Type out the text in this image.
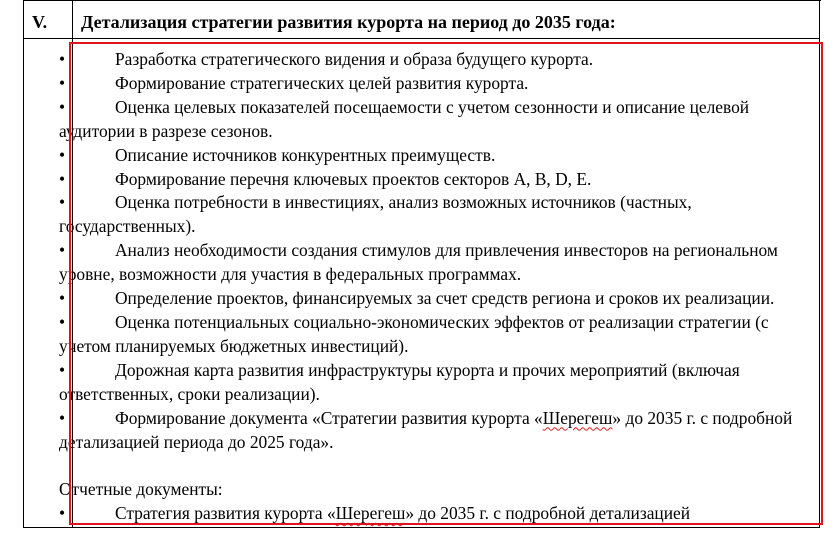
V.	Детализация стратегии развития курорта на период до 2035 года:

•	Разработка стратегического видения и образа будущего курорта.

•	Формирование стратегических целей развития курорта.

•	Оценка целевых показателей посещаемости с учетом сезонности и описание целевой аудитории в разрезе сезонов.

•	Описание источников конкурентных преимуществ.

•	Формирование перечня ключевых проектов секторов А, B, D, E.

•	Оценка потребности в инвестициях, анализ возможных источников (частных, государственных).

•	Анализ необходимости создания стимулов для привлечения инвесторов на региональном уровне, возможности для участия в федеральных программах.

•	Определение проектов, финансируемых за счет средств региона и сроков их реализации.

•	Оценка потенциальных социально-экономических эффектов от реализации стратегии (с учетом планируемых бюджетных инвестиций).

•	Дорожная карта развития инфраструктуры курорта и прочих мероприятий (включая ответственных, сроки реализации).

•	Формирование документа «Стратегии развития курорта «Шерегеш» до 2035 г. с подробной детализацией периода до 2025 года».

Отчетные документы:

•	Стратегия развития курорта «Шерегеш» до 2035 г. с подробной детализацией
